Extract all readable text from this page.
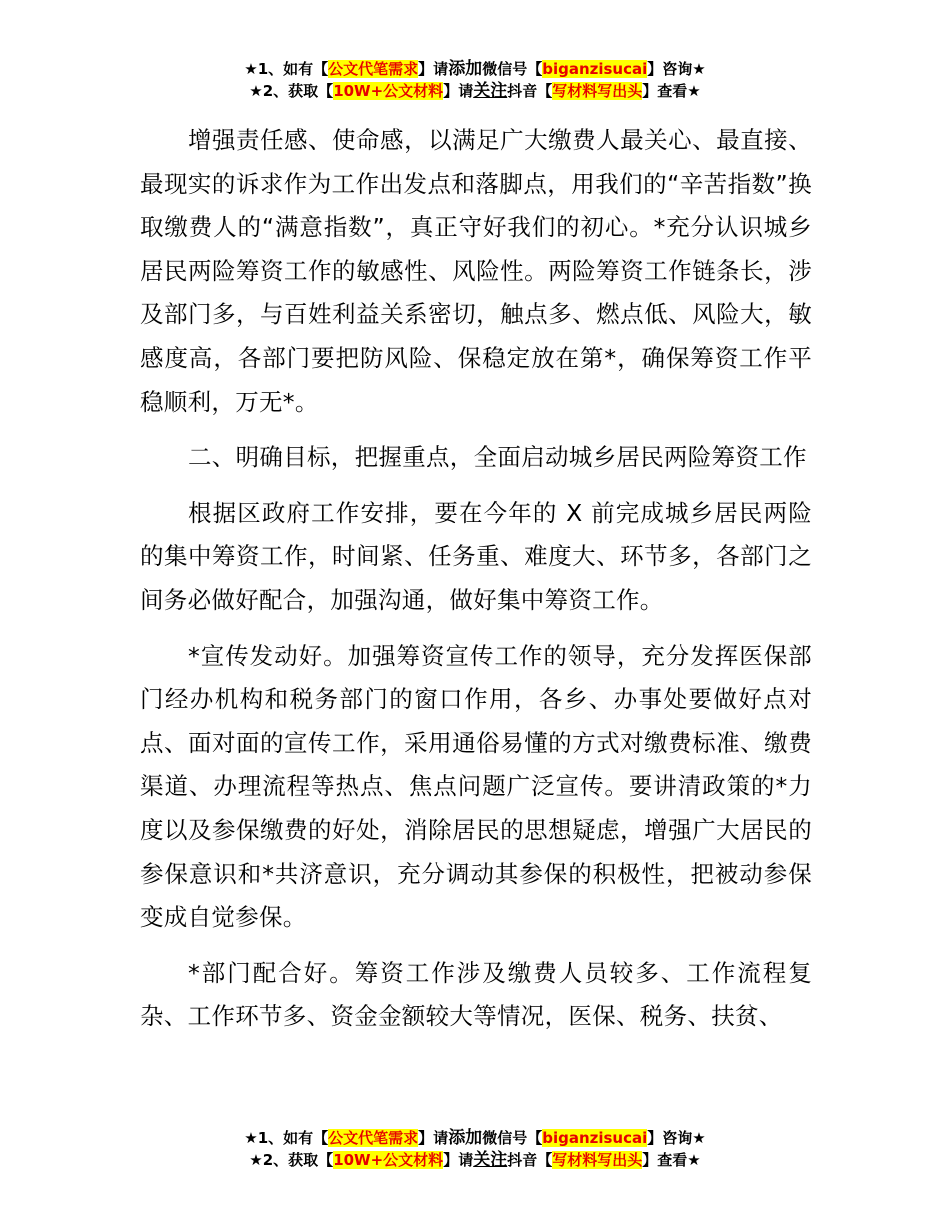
★1、如有【公文代笔需求】请添加微信号【biganzisucai】咨询★
★2、获取【10W+公文材料】请关注抖音【写材料写出头】查看★

增强责任感、使命感，以满足广大缴费人最关心、最直接、最现实的诉求作为工作出发点和落脚点，用我们的“辛苦指数”换取缴费人的“满意指数”，真正守好我们的初心。*充分认识城乡居民两险筹资工作的敏感性、风险性。两险筹资工作链条长，涉及部门多，与百姓利益关系密切，触点多、燃点低、风险大，敏感度高，各部门要把防风险、保稳定放在第*，确保筹资工作平稳顺利，万无*。

二、明确目标，把握重点，全面启动城乡居民两险筹资工作

根据区政府工作安排，要在今年的 X 前完成城乡居民两险的集中筹资工作，时间紧、任务重、难度大、环节多，各部门之间务必做好配合，加强沟通，做好集中筹资工作。

*宣传发动好。加强筹资宣传工作的领导，充分发挥医保部门经办机构和税务部门的窗口作用，各乡、办事处要做好点对点、面对面的宣传工作，采用通俗易懂的方式对缴费标准、缴费渠道、办理流程等热点、焦点问题广泛宣传。要讲清政策的*力度以及参保缴费的好处，消除居民的思想疑虑，增强广大居民的参保意识和*共济意识，充分调动其参保的积极性，把被动参保变成自觉参保。

*部门配合好。筹资工作涉及缴费人员较多、工作流程复杂、工作环节多、资金金额较大等情况，医保、税务、扶贫、

★1、如有【公文代笔需求】请添加微信号【biganzisucai】咨询★
★2、获取【10W+公文材料】请关注抖音【写材料写出头】查看★
